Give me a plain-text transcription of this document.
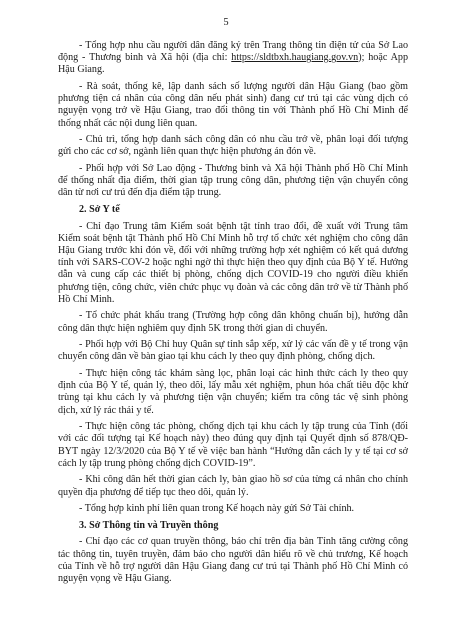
5

- Tổng hợp nhu cầu người dân đăng ký trên Trang thông tin điện tử của Sở Lao động - Thương binh và Xã hội (địa chỉ: https://sldtbxh.haugiang.gov.vn); hoặc App Hậu Giang.

- Rà soát, thống kê, lập danh sách số lượng người dân Hậu Giang (bao gồm phương tiện cá nhân của công dân nếu phát sinh) đang cư trú tại các vùng dịch có nguyện vọng trở về Hậu Giang, trao đổi thông tin với Thành phố Hồ Chí Minh để thống nhất các nội dung liên quan.

- Chủ trì, tổng hợp danh sách công dân có nhu cầu trở về, phân loại đối tượng gửi cho các cơ sở, ngành liên quan thực hiện phương án đón về.

- Phối hợp với Sở Lao động - Thương binh và Xã hội Thành phố Hồ Chí Minh để thống nhất địa điểm, thời gian tập trung công dân, phương tiện vận chuyển công dân từ nơi cư trú đến địa điểm tập trung.

2. Sở Y tế

- Chỉ đạo Trung tâm Kiểm soát bệnh tật tỉnh trao đổi, đề xuất với Trung tâm Kiểm soát bệnh tật Thành phố Hồ Chí Minh hỗ trợ tổ chức xét nghiệm cho công dân Hậu Giang trước khi đón về, đối với những trường hợp xét nghiệm có kết quả dương tính với SARS-COV-2 hoặc nghi ngờ thì thực hiện theo quy định của Bộ Y tế. Hướng dẫn và cung cấp các thiết bị phòng, chống dịch COVID-19 cho người điều khiển phương tiện, công chức, viên chức phục vụ đoàn và các công dân trở về từ Thành phố Hồ Chí Minh.

- Tổ chức phát khẩu trang (Trường hợp công dân không chuẩn bị), hướng dẫn công dân thực hiện nghiêm quy định 5K trong thời gian di chuyển.

- Phối hợp với Bộ Chỉ huy Quân sự tỉnh sắp xếp, xử lý các vấn đề y tế trong vận chuyển công dân về bàn giao tại khu cách ly theo quy định phòng, chống dịch.

- Thực hiện công tác khám sàng lọc, phân loại các hình thức cách ly theo quy định của Bộ Y tế, quản lý, theo dõi, lấy mẫu xét nghiệm, phun hóa chất tiêu độc khử trùng tại khu cách ly và phương tiện vận chuyển; kiểm tra công tác vệ sinh phòng dịch, xử lý rác thải y tế.

- Thực hiện công tác phòng, chống dịch tại khu cách ly tập trung của Tỉnh (đối với các đối tượng tại Kế hoạch này) theo đúng quy định tại Quyết định số 878/QĐ-BYT ngày 12/3/2020 của Bộ Y tế về việc ban hành “Hướng dẫn cách ly y tế tại cơ sở cách ly tập trung phòng chống dịch COVID-19”.

- Khi công dân hết thời gian cách ly, bàn giao hồ sơ của từng cá nhân cho chính quyền địa phương để tiếp tục theo dõi, quản lý.

- Tổng hợp kinh phí liên quan trong Kế hoạch này gửi Sở Tài chính.

3. Sở Thông tin và Truyền thông

- Chỉ đạo các cơ quan truyền thông, báo chí trên địa bàn Tỉnh tăng cường công tác thông tin, tuyên truyền, đảm bảo cho người dân hiểu rõ về chủ trương, Kế hoạch của Tỉnh về hỗ trợ người dân Hậu Giang đang cư trú tại Thành phố Hồ Chí Minh có nguyện vọng về Hậu Giang.
